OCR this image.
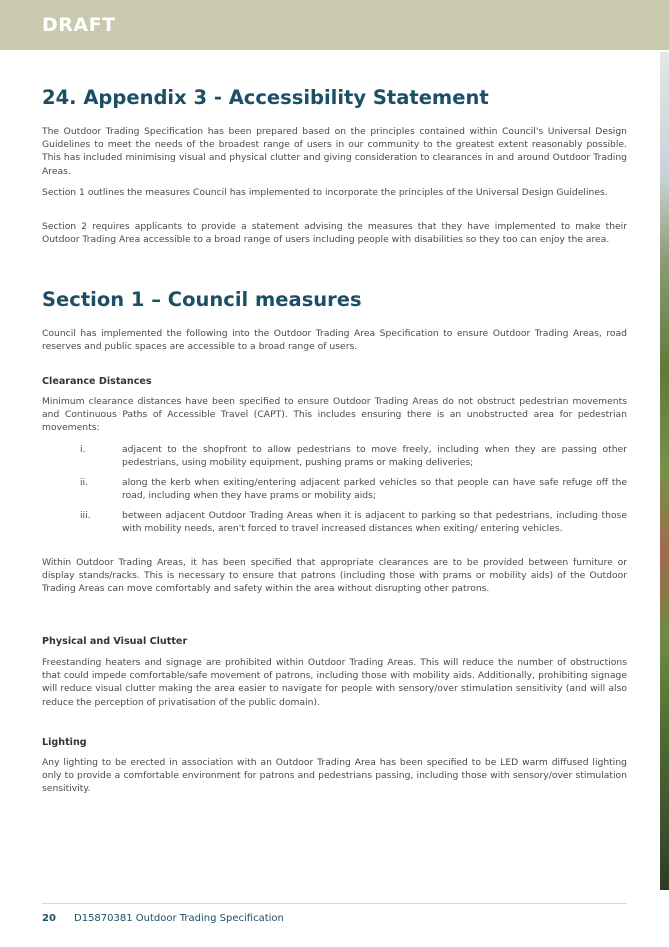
DRAFT
24. Appendix 3 - Accessibility Statement

The Outdoor Trading Specification has been prepared based on the principles contained within Council's Universal Design Guidelines to meet the needs of the broadest range of users in our community to the greatest extent reasonably possible. This has included minimising visual and physical clutter and giving consideration to clearances in and around Outdoor Trading Areas.

Section 1 outlines the measures Council has implemented to incorporate the principles of the Universal Design Guidelines.

Section 2 requires applicants to provide a statement advising the measures that they have implemented to make their Outdoor Trading Area accessible to a broad range of users including people with disabilities so they too can enjoy the area.

Section 1 – Council measures

Council has implemented the following into the Outdoor Trading Area Specification to ensure Outdoor Trading Areas, road reserves and public spaces are accessible to a broad range of users.

Clearance Distances

Minimum clearance distances have been specified to ensure Outdoor Trading Areas do not obstruct pedestrian movements and Continuous Paths of Accessible Travel (CAPT). This includes ensuring there is an unobstructed area for pedestrian movements:

i.	adjacent to the shopfront to allow pedestrians to move freely, including when they are passing other pedestrians, using mobility equipment, pushing prams or making deliveries;
ii.	along the kerb when exiting/entering adjacent parked vehicles so that people can have safe refuge off the road, including when they have prams or mobility aids;
iii.	between adjacent Outdoor Trading Areas when it is adjacent to parking so that pedestrians, including those with mobility needs, aren't forced to travel increased distances when exiting/ entering vehicles.

Within Outdoor Trading Areas, it has been specified that appropriate clearances are to be provided between furniture or display stands/racks. This is necessary to ensure that patrons (including those with prams or mobility aids) of the Outdoor Trading Areas can move comfortably and safety within the area without disrupting other patrons.

Physical and Visual Clutter

Freestanding heaters and signage are prohibited within Outdoor Trading Areas. This will reduce the number of obstructions that could impede comfortable/safe movement of patrons, including those with mobility aids. Additionally, prohibiting signage will reduce visual clutter making the area easier to navigate for people with sensory/over stimulation sensitivity (and will also reduce the perception of privatisation of the public domain).

Lighting

Any lighting to be erected in association with an Outdoor Trading Area has been specified to be LED warm diffused lighting only to provide a comfortable environment for patrons and pedestrians passing, including those with sensory/over stimulation sensitivity.

20 D15870381 Outdoor Trading Specification
